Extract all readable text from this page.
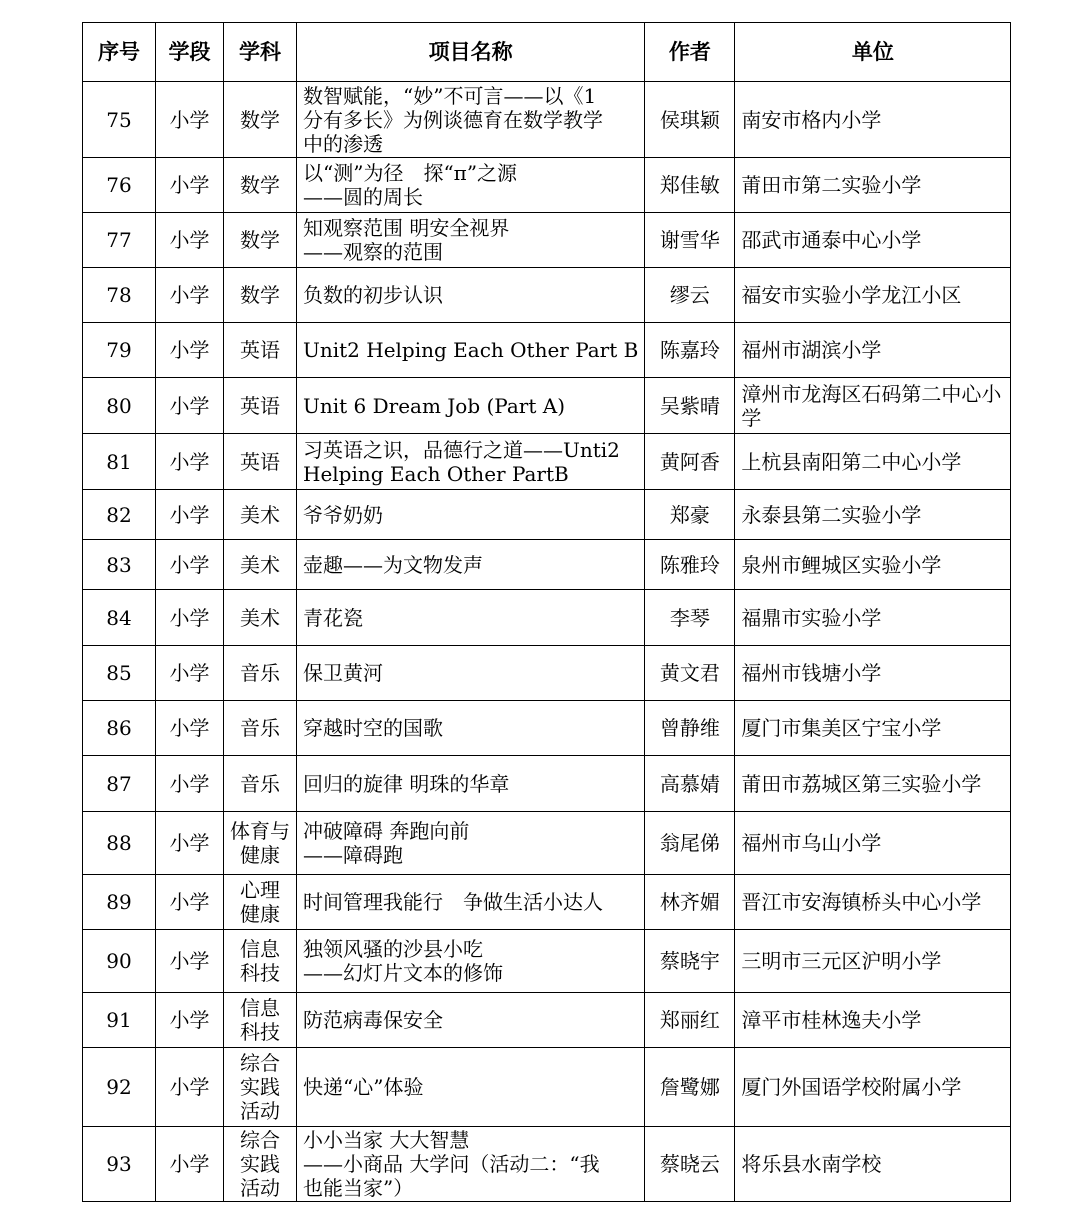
序号	学段	学科	项目名称	作者	单位
75	小学	数学	数智赋能，“妙”不可言——以《1
分有多长》为例谈德育在数学教学
中的渗透	侯琪颖	南安市格内小学
76	小学	数学	以“测”为径　探“π”之源
——圆的周长	郑佳敏	莆田市第二实验小学
77	小学	数学	知观察范围 明安全视界
——观察的范围	谢雪华	邵武市通泰中心小学
78	小学	数学	负数的初步认识	缪云	福安市实验小学龙江小区
79	小学	英语	Unit2 Helping Each Other Part B	陈嘉玲	福州市湖滨小学
80	小学	英语	Unit 6 Dream Job (Part A)	吴紫晴	漳州市龙海区石码第二中心小学
81	小学	英语	习英语之识，品德行之道——Unti2
Helping Each Other PartB	黄阿香	上杭县南阳第二中心小学
82	小学	美术	爷爷奶奶	郑豪	永泰县第二实验小学
83	小学	美术	壶趣——为文物发声	陈雅玲	泉州市鲤城区实验小学
84	小学	美术	青花瓷	李琴	福鼎市实验小学
85	小学	音乐	保卫黄河	黄文君	福州市钱塘小学
86	小学	音乐	穿越时空的国歌	曾静维	厦门市集美区宁宝小学
87	小学	音乐	回归的旋律 明珠的华章	高慕婧	莆田市荔城区第三实验小学
88	小学	体育与
健康	冲破障碍 奔跑向前
——障碍跑	翁尾俤	福州市乌山小学
89	小学	心理
健康	时间管理我能行　争做生活小达人	林齐媚	晋江市安海镇桥头中心小学
90	小学	信息
科技	独领风骚的沙县小吃
——幻灯片文本的修饰	蔡晓宇	三明市三元区沪明小学
91	小学	信息
科技	防范病毒保安全	郑丽红	漳平市桂林逸夫小学
92	小学	综合
实践
活动	快递“心”体验	詹鹭娜	厦门外国语学校附属小学
93	小学	综合
实践
活动	小小当家 大大智慧
——小商品 大学问（活动二：“我
也能当家”）	蔡晓云	将乐县水南学校
